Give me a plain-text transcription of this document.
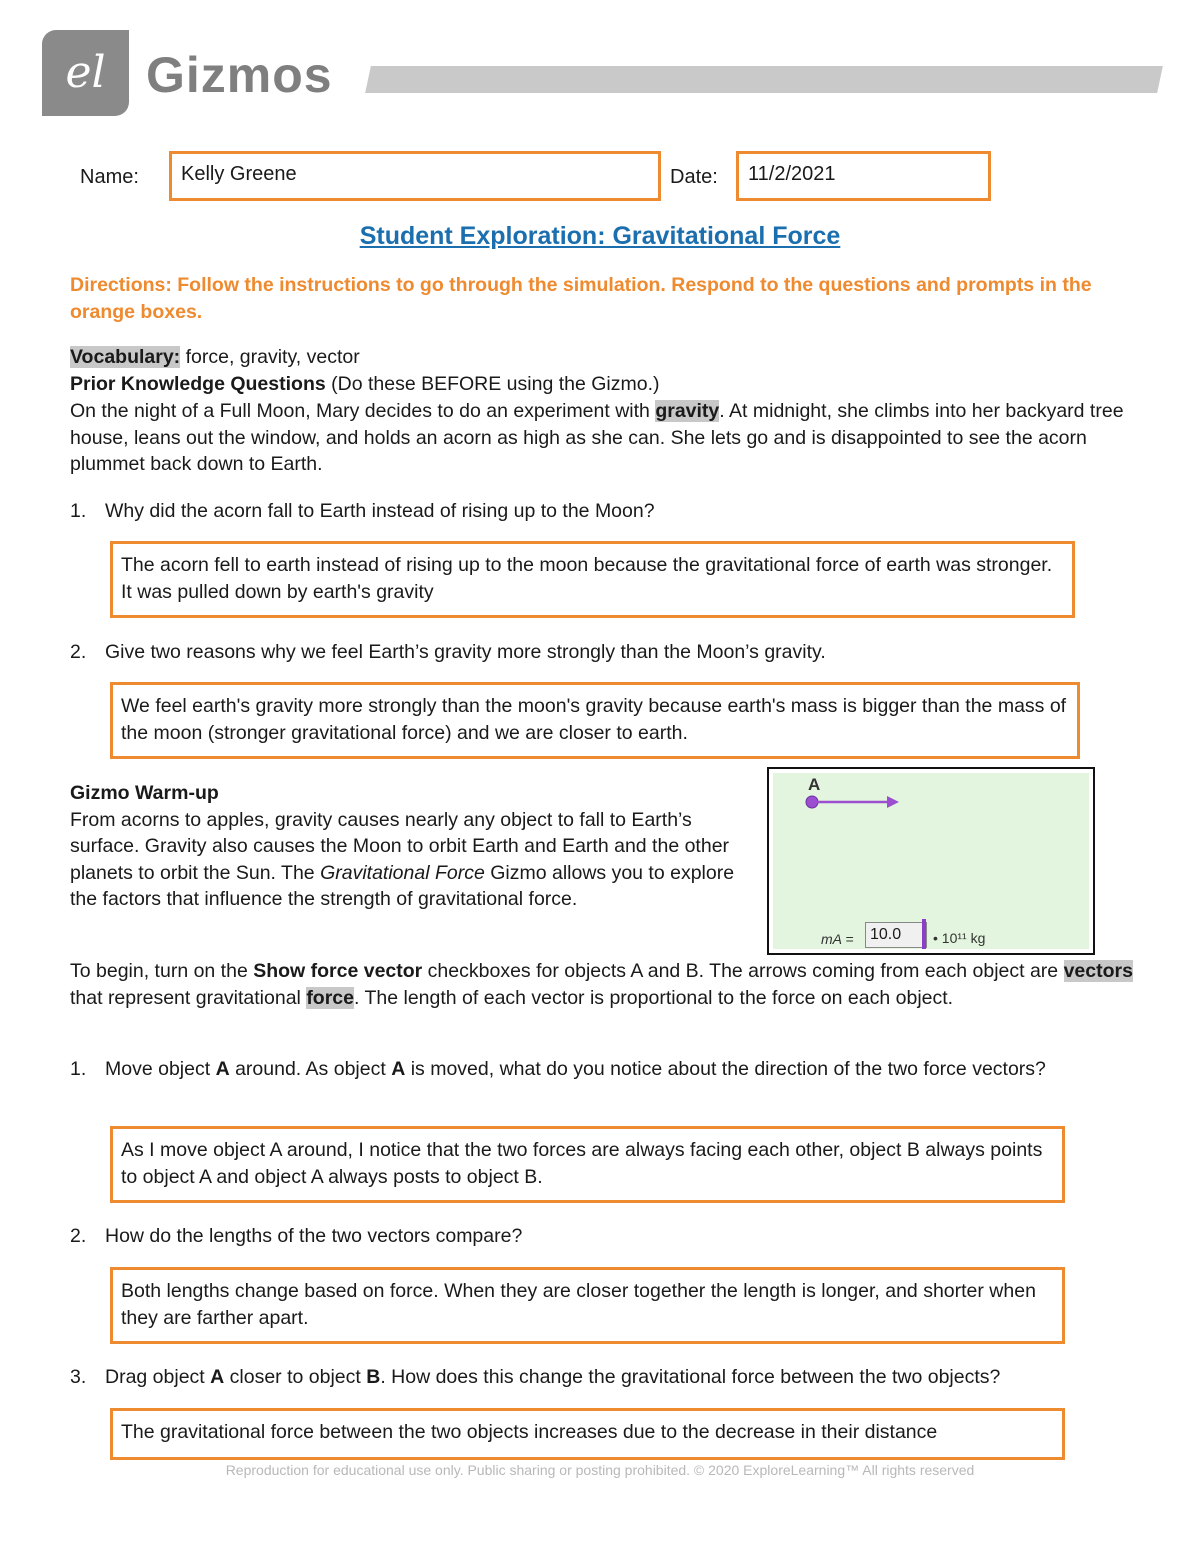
el Gizmos
Name:	Kelly Greene	Date:	11/2/2021
Student Exploration: Gravitational Force
Directions: Follow the instructions to go through the simulation. Respond to the questions and prompts in the orange boxes.
Vocabulary: force, gravity, vector
Prior Knowledge Questions (Do these BEFORE using the Gizmo.)
On the night of a Full Moon, Mary decides to do an experiment with gravity. At midnight, she climbs into her backyard tree house, leans out the window, and holds an acorn as high as she can. She lets go and is disappointed to see the acorn plummet back down to Earth.
1. Why did the acorn fall to Earth instead of rising up to the Moon?
The acorn fell to earth instead of rising up to the moon because the gravitational force of earth was stronger. It was pulled down by earth's gravity
2. Give two reasons why we feel Earth’s gravity more strongly than the Moon’s gravity.
We feel earth's gravity more strongly than the moon's gravity because earth's mass is bigger than the mass of the moon (stronger gravitational force) and we are closer to earth.
Gizmo Warm-up
From acorns to apples, gravity causes nearly any object to fall to Earth’s surface. Gravity also causes the Moon to orbit Earth and Earth and the other planets to orbit the Sun. The Gravitational Force Gizmo allows you to explore the factors that influence the strength of gravitational force.
A
mA =	10.0	• 10¹¹ kg
To begin, turn on the Show force vector checkboxes for objects A and B. The arrows coming from each object are vectors that represent gravitational force. The length of each vector is proportional to the force on each object.
1. Move object A around. As object A is moved, what do you notice about the direction of the two force vectors?
As I move object A around, I notice that the two forces are always facing each other, object B always points to object A and object A always posts to object B.
2. How do the lengths of the two vectors compare?
Both lengths change based on force. When they are closer together the length is longer, and shorter when they are farther apart.
3. Drag object A closer to object B. How does this change the gravitational force between the two objects?
The gravitational force between the two objects increases due to the decrease in their distance
Reproduction for educational use only. Public sharing or posting prohibited. © 2020 ExploreLearning™ All rights reserved
